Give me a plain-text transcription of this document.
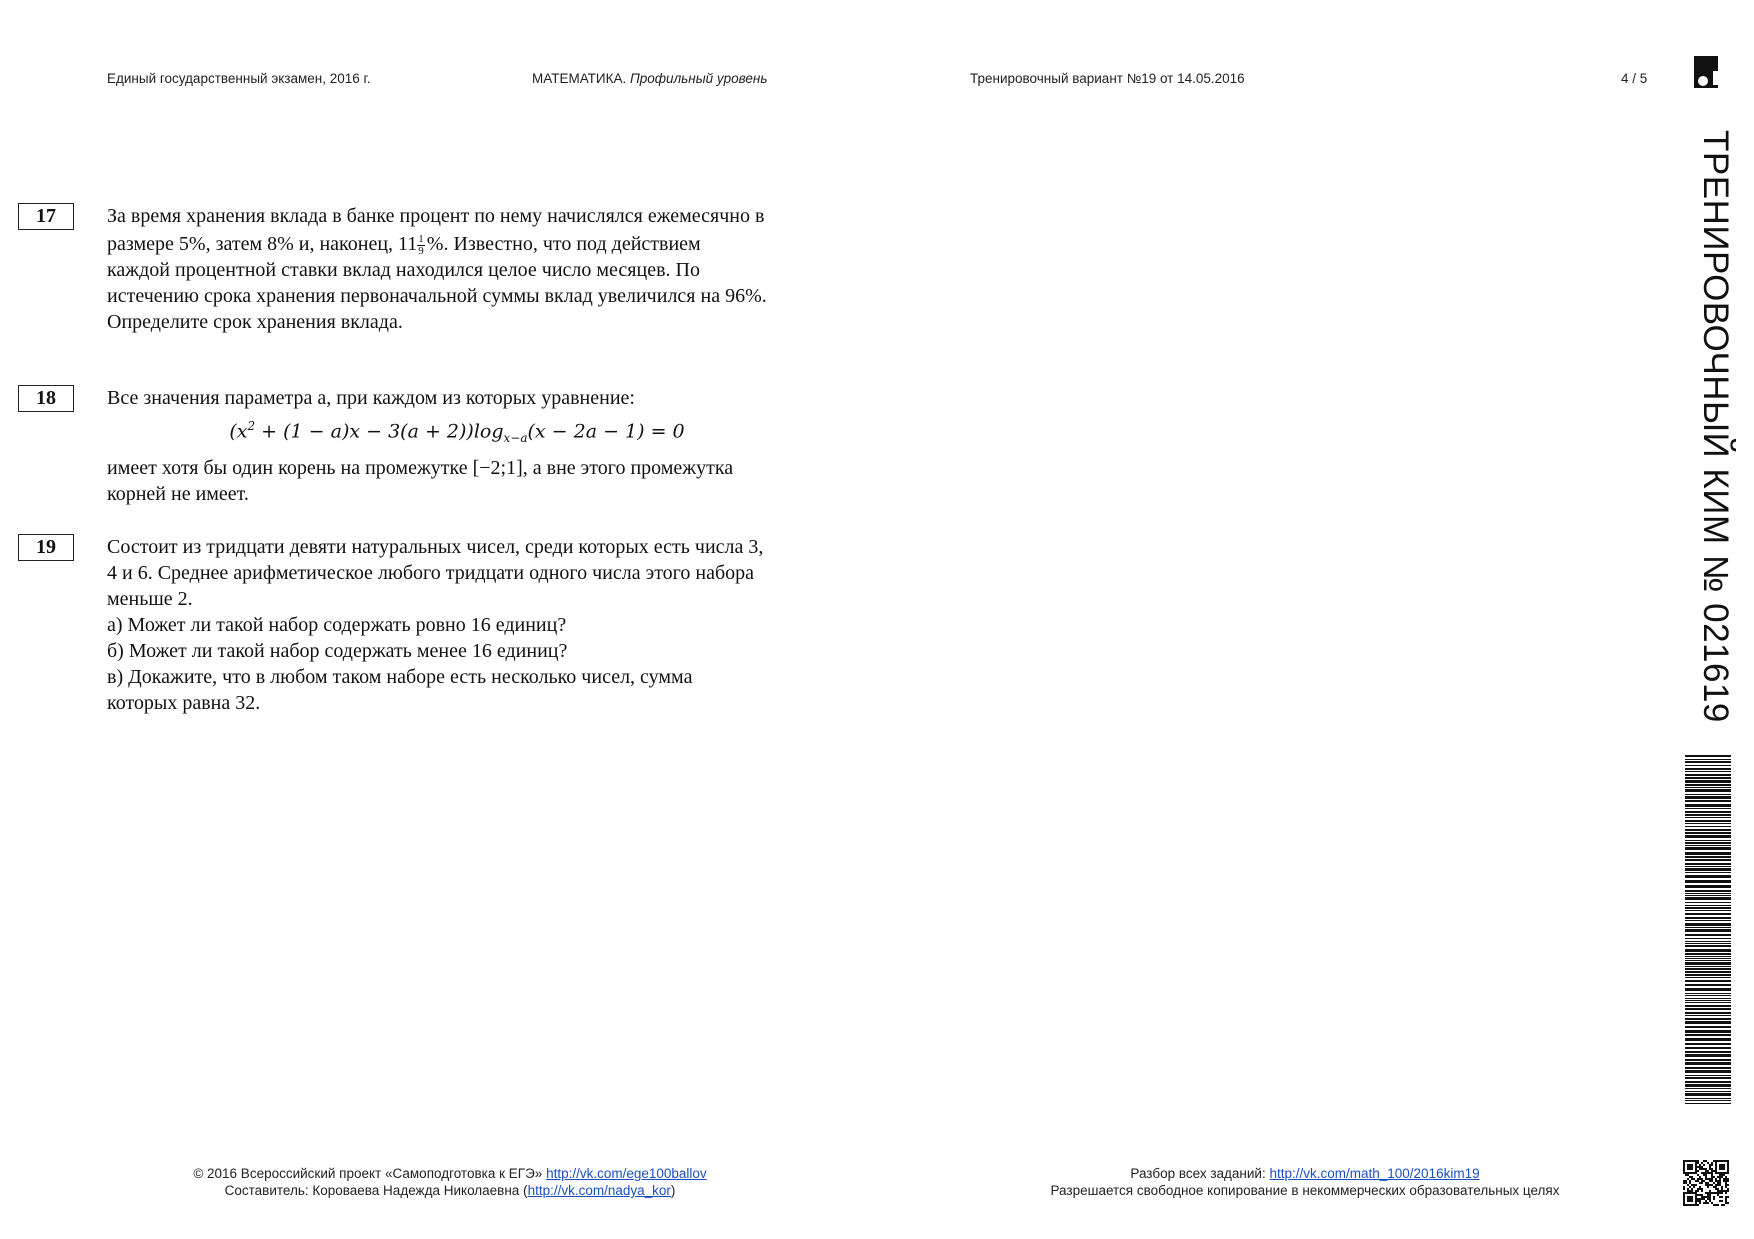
Единый государственный экзамен, 2016 г.	МАТЕМАТИКА. Профильный уровень	Тренировочный вариант №19 от 14.05.2016	4 / 5
17	За время хранения вклада в банке процент по нему начислялся ежемесячно в

размере 5%, затем 8% и, наконец, $11 \frac{1}{9}$ %. Известно, что под действием

каждой процентной ставки вклад находился целое число месяцев. По

истечению срока хранения первоначальной суммы вклад увеличился на 96%.

Определите срок хранения вклада.

18	Все значения параметра a, при каждом из которых уравнение:

$(x^2 + (1 - a)x - 3(a + 2))\log_{x-a}(x - 2a - 1) = 0$

имеет хотя бы один корень на промежутке [−2;1], а вне этого промежутка

корней не имеет.

19	Состоит из тридцати девяти натуральных чисел, среди которых есть числа 3,

4 и 6. Среднее арифметическое любого тридцати одного числа этого набора

меньше 2.

а) Может ли такой набор содержать ровно 16 единиц?

б) Может ли такой набор содержать менее 16 единиц?

в) Докажите, что в любом таком наборе есть несколько чисел, сумма

которых равна 32.	ТРЕНИРОВОЧНЫЙ КИМ № 021619
© 2016 Всероссийский проект «Самоподготовка к ЕГЭ» http://vk.com/ege100ballov
Составитель: Короваева Надежда Николаевна (http://vk.com/nadya_kor)
Разбор всех заданий: http://vk.com/math_100/2016kim19
Разрешается свободное копирование в некоммерческих образовательных целях
